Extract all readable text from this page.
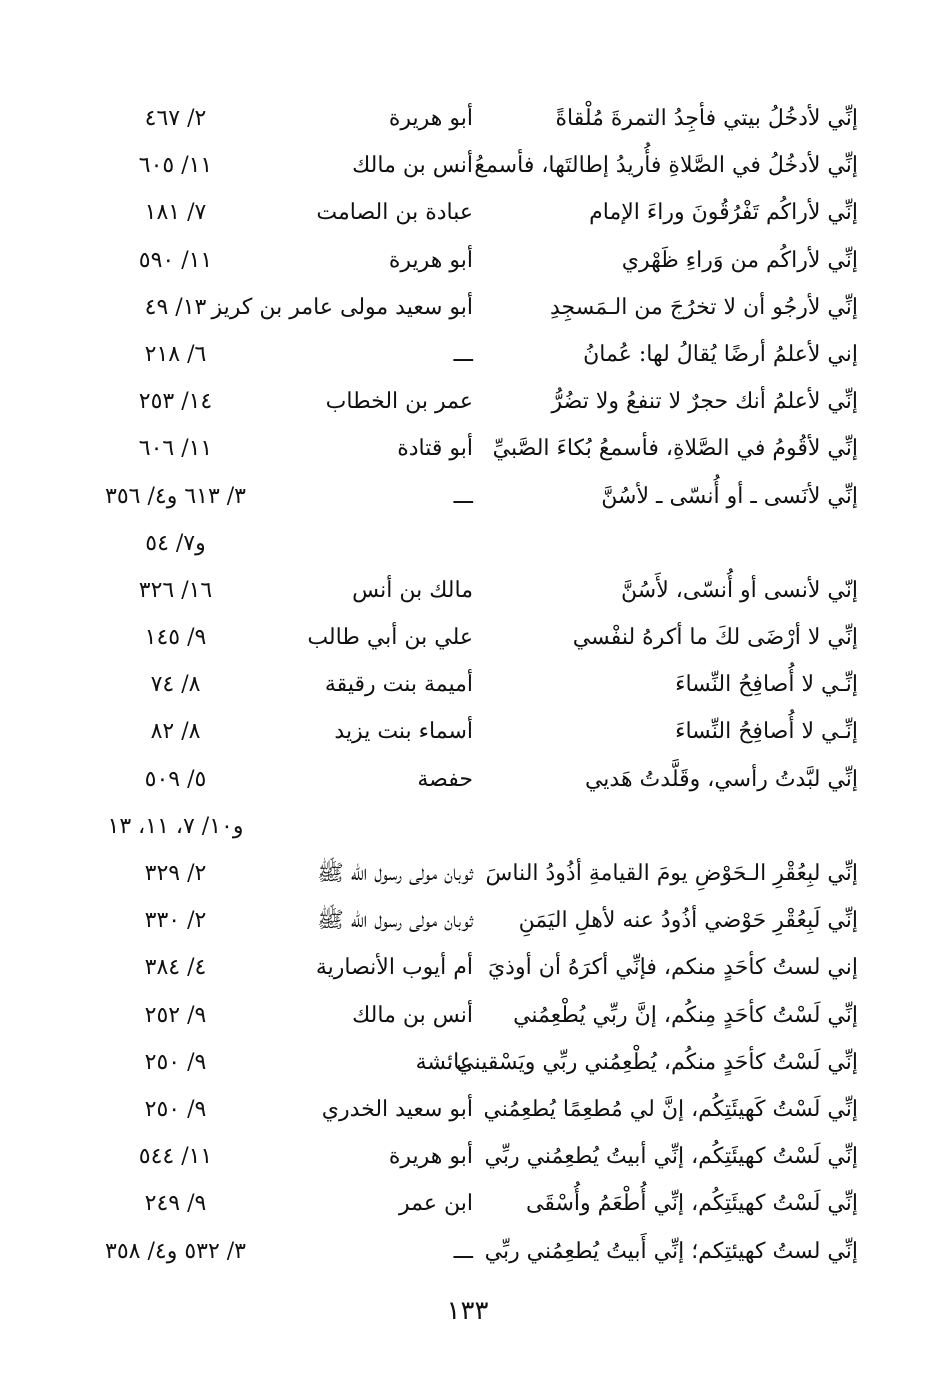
إنِّي لأدخُلُ بيتي فأجِدُ التمرةَ مُلْقاةً
أبو هريرة
٢/ ٤٦٧
إنِّي لأدخُلُ في الصَّلاةِ فأُريدُ إطالتَها، فأسمعُ
أنس بن مالك
١١/ ٦٠٥
إنِّي لأراكُم تَفْرُقُونَ وراءَ الإمام
عبادة بن الصامت
٧/ ١٨١
إنِّي لأراكُم من وَراءِ ظَهْري
أبو هريرة
١١/ ٥٩٠
إنِّي لأرجُو أن لا تخرُجَ من الـمَسجِدِ
أبو سعيد مولى عامر بن كريز
١٣/ ٤٩
إني لأعلمُ أرضًا يُقالُ لها: عُمانُ
ـــ
٦/ ٢١٨
إنِّي لأعلمُ أنك حجرٌ لا تنفعُ ولا تضُرُّ
عمر بن الخطاب
١٤/ ٢٥٣
إنِّي لأقُومُ في الصَّلاةِ، فأسمعُ بُكاءَ الصَّبيِّ
أبو قتادة
١١/ ٦٠٦
إنِّي لأنَسى ـ أو أُنسّى ـ لأسُنَّ
ـــ
٣/ ٦١٣ و٤/ ٣٥٦
و٧/ ٥٤
إنّي لأنسى أو أُنسّى، لأَسُنَّ
مالك بن أنس
١٦/ ٣٢٦
إنِّي لا أرْضَى لكَ ما أكرهُ لنفْسي
علي بن أبي طالب
٩/ ١٤٥
إنِّـي لا أُصافِحُ النِّساءَ
أميمة بنت رقيقة
٨/ ٧٤
إنِّـي لا أُصافِحُ النِّساءَ
أسماء بنت يزيد
٨/ ٨٢
إنِّي لبَّدتُ رأسي، وقَلَّدتُ هَديي
حفصة
٥/ ٥٠٩
و١٠/ ٧، ١١، ١٣
إنِّي لبِعُقْرِ الـحَوْضِ يومَ القيامةِ أذُودُ الناسَ
ثوبان مولى رسول الله ﷺ
٢/ ٣٢٩
إنِّي لَبِعُقْرِ حَوْضي أذُودُ عنه لأهلِ اليَمَنِ
ثوبان مولى رسول الله ﷺ
٢/ ٣٣٠
إني لستُ كأحَدٍ منكم، فإنِّي أكرَهُ أن أوذيَ
أم أيوب الأنصارية
٤/ ٣٨٤
إنِّي لَسْتُ كأحَدٍ مِنكُم، إنَّ ربِّي يُطْعِمُني
أنس بن مالك
٩/ ٢٥٢
إنِّي لَسْتُ كأحَدٍ منكُم، يُطْعِمُني ربِّي ويَسْقيني
عائشة
٩/ ٢٥٠
إنِّي لَسْتُ كَهيئَتِكُم، إنَّ لي مُطعِمًا يُطعِمُني
أبو سعيد الخدري
٩/ ٢٥٠
إنِّي لَسْتُ كهيئَتِكُم، إنِّي أبيتُ يُطعِمُني ربِّي
أبو هريرة
١١/ ٥٤٤
إنِّي لَسْتُ كهيئَتِكُم، إنِّي أُطْعَمُ وأُسْقَى
ابن عمر
٩/ ٢٤٩
إنِّي لستُ كهيئتِكم؛ إنِّي أَبيتُ يُطعِمُني ربِّي
ـــ
٣/ ٥٣٢ و٤/ ٣٥٨
١٣٣
